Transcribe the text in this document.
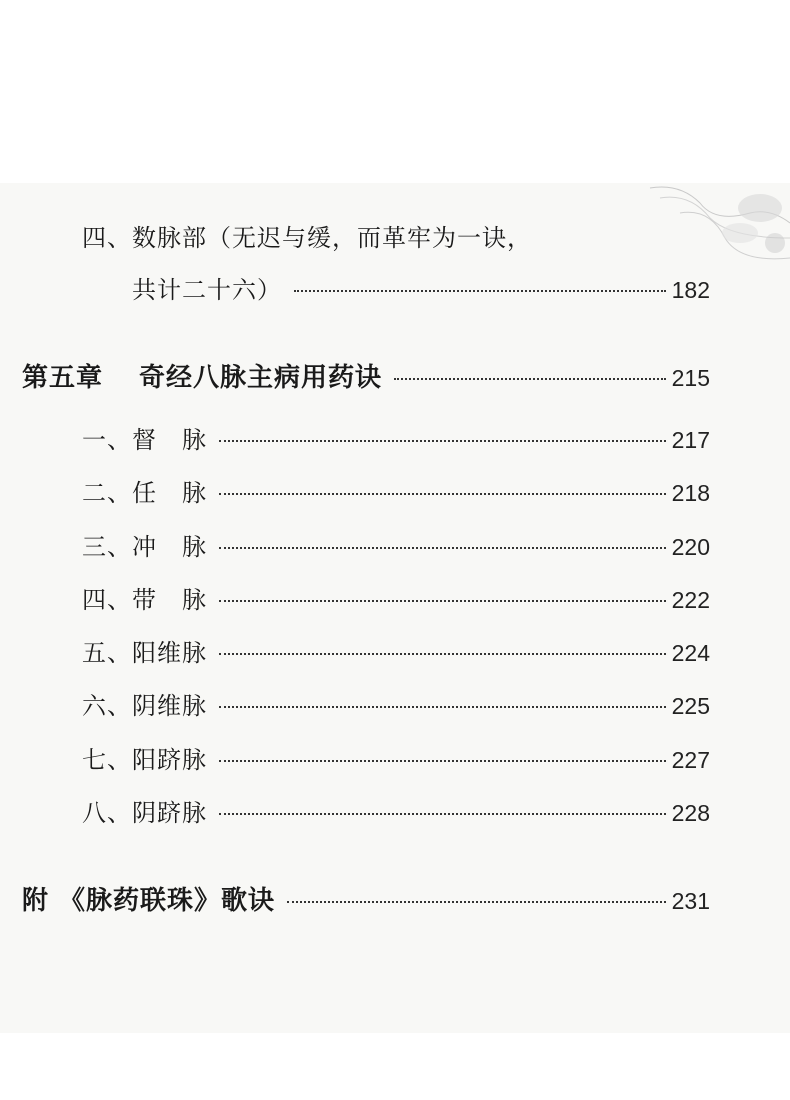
四、数脉部（无迟与缓，而革牢为一诀，
共计二十六）	182
第五章 奇经八脉主病用药诀	215
一、督　脉	217
二、任　脉	218
三、冲　脉	220
四、带　脉	222
五、阳维脉	224
六、阴维脉	225
七、阳跻脉	227
八、阴跻脉	228
附 《脉药联珠》歌诀	231
